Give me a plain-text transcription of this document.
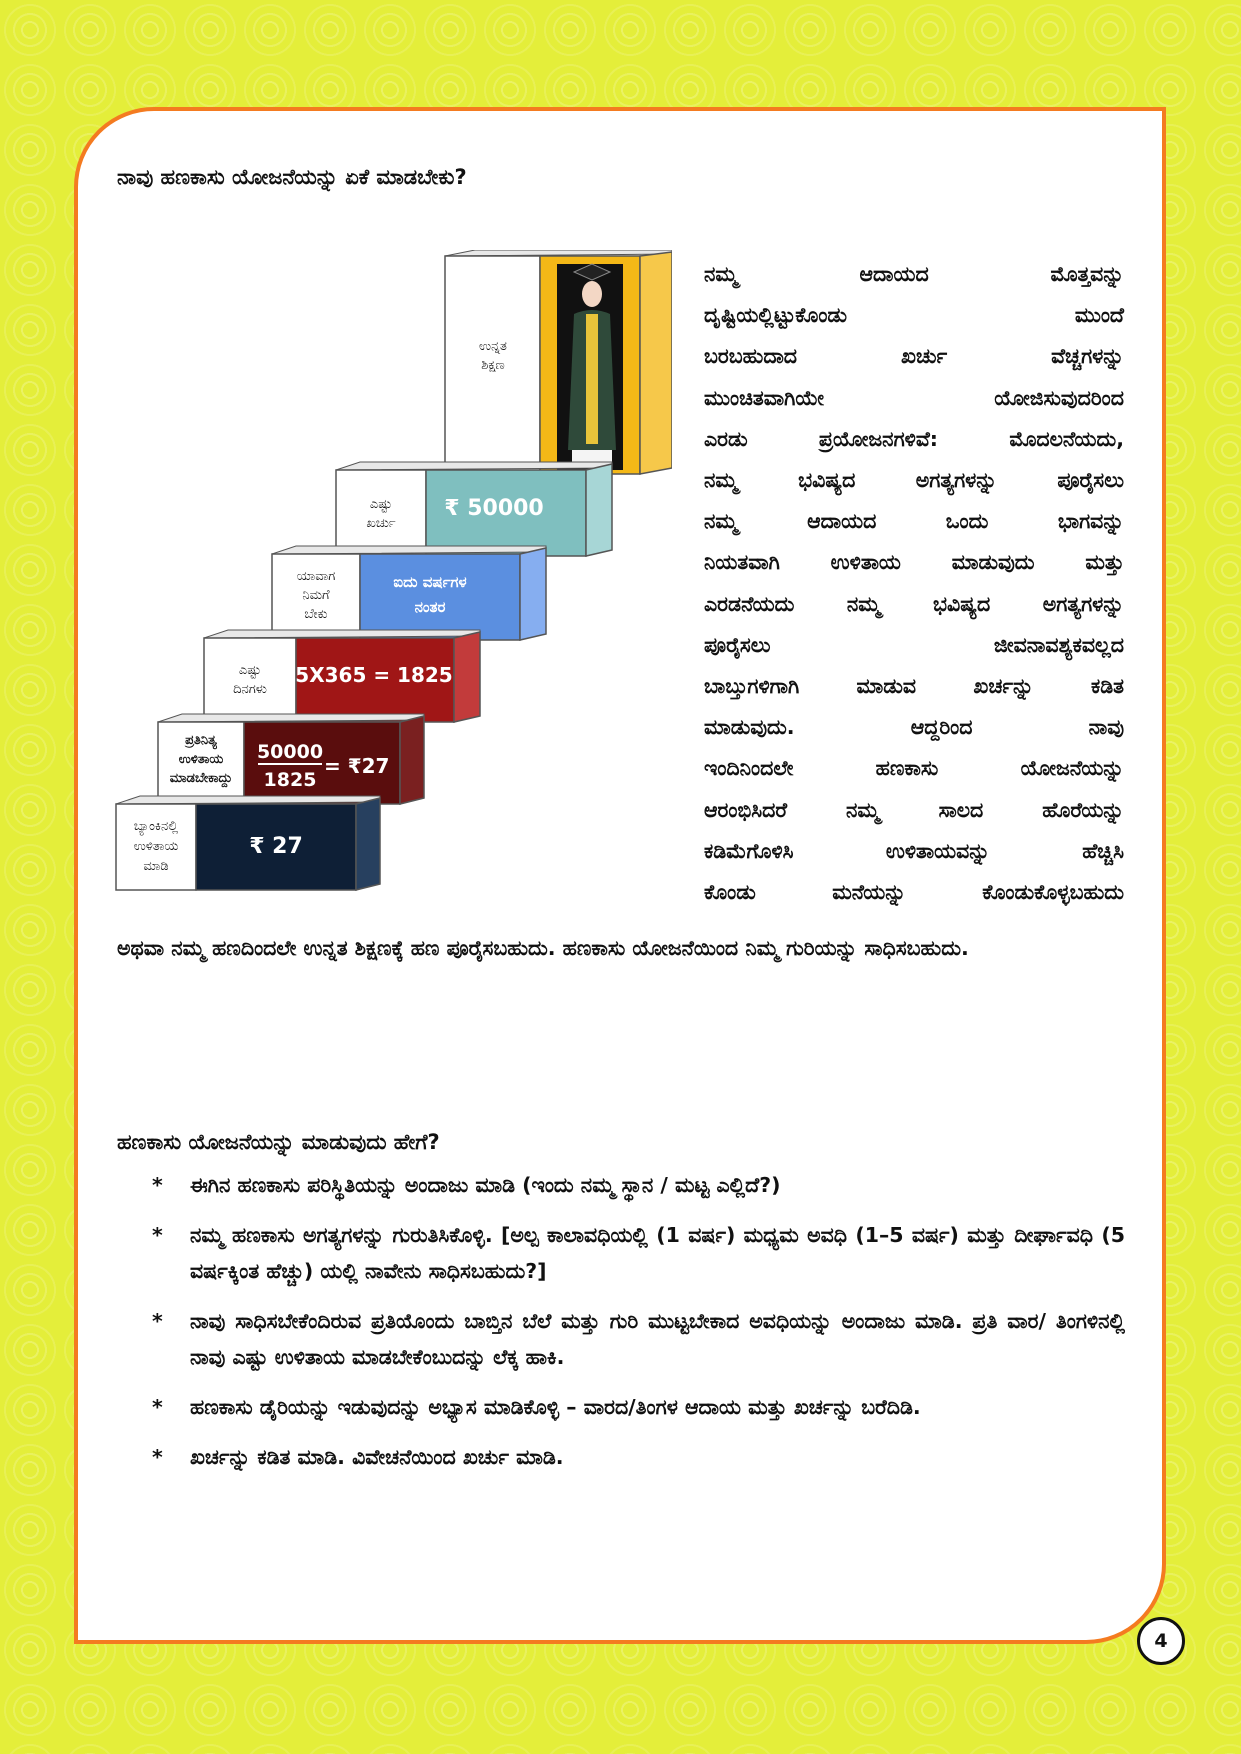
ನಾವು ಹಣಕಾಸು ಯೋಜನೆಯನ್ನು ಏಕೆ ಮಾಡಬೇಕು?
ಉನ್ನತ
ಶಿಕ್ಷಣ
ಎಷ್ಟು
ಖರ್ಚು
₹ 50000
ಯಾವಾಗ
ನಿಮಗೆ
ಬೇಕು
ಐದು ವರ್ಷಗಳ
ನಂತರ
ಎಷ್ಟು
ದಿನಗಳು
5X365 = 1825
ಪ್ರತಿನಿತ್ಯ
ಉಳಿತಾಯ
ಮಾಡಬೇಕಾದ್ದು
50000
1825
= ₹27
ಬ್ಯಾಂಕಿನಲ್ಲಿ
ಉಳಿತಾಯ
ಮಾಡಿ
₹ 27
ನಮ್ಮ ಆದಾಯದ ಮೊತ್ತವನ್ನು
ದೃಷ್ಟಿಯಲ್ಲಿಟ್ಟುಕೊಂಡು ಮುಂದೆ
ಬರಬಹುದಾದ ಖರ್ಚು ವೆಚ್ಚಗಳನ್ನು
ಮುಂಚಿತವಾಗಿಯೇ ಯೋಜಿಸುವುದರಿಂದ
ಎರಡು ಪ್ರಯೋಜನಗಳಿವೆ: ಮೊದಲನೆಯದು,
ನಮ್ಮ ಭವಿಷ್ಯದ ಅಗತ್ಯಗಳನ್ನು ಪೂರೈಸಲು
ನಮ್ಮ ಆದಾಯದ ಒಂದು ಭಾಗವನ್ನು
ನಿಯತವಾಗಿ ಉಳಿತಾಯ ಮಾಡುವುದು ಮತ್ತು
ಎರಡನೆಯದು ನಮ್ಮ ಭವಿಷ್ಯದ ಅಗತ್ಯಗಳನ್ನು
ಪೂರೈಸಲು ಜೀವನಾವಶ್ಯಕವಲ್ಲದ
ಬಾಬ್ತುಗಳಿಗಾಗಿ ಮಾಡುವ ಖರ್ಚನ್ನು ಕಡಿತ
ಮಾಡುವುದು. ಆದ್ದರಿಂದ ನಾವು
ಇಂದಿನಿಂದಲೇ ಹಣಕಾಸು ಯೋಜನೆಯನ್ನು
ಆರಂಭಿಸಿದರೆ ನಮ್ಮ ಸಾಲದ ಹೊರೆಯನ್ನು
ಕಡಿಮೆಗೊಳಿಸಿ ಉಳಿತಾಯವನ್ನು ಹೆಚ್ಚಿಸಿ
ಕೊಂಡು ಮನೆಯನ್ನು ಕೊಂಡುಕೊಳ್ಳಬಹುದು
ಅಥವಾ ನಮ್ಮ ಹಣದಿಂದಲೇ ಉನ್ನತ ಶಿಕ್ಷಣಕ್ಕೆ ಹಣ ಪೂರೈಸಬಹುದು. ಹಣಕಾಸು ಯೋಜನೆಯಿಂದ ನಿಮ್ಮ ಗುರಿಯನ್ನು ಸಾಧಿಸಬಹುದು.
ಹಣಕಾಸು ಯೋಜನೆಯನ್ನು ಮಾಡುವುದು ಹೇಗೆ?
* ಈಗಿನ ಹಣಕಾಸು ಪರಿಸ್ಥಿತಿಯನ್ನು ಅಂದಾಜು ಮಾಡಿ (ಇಂದು ನಮ್ಮ ಸ್ಥಾನ / ಮಟ್ಟ ಎಲ್ಲಿದೆ?)
* ನಮ್ಮ ಹಣಕಾಸು ಅಗತ್ಯಗಳನ್ನು ಗುರುತಿಸಿಕೊಳ್ಳಿ. [ಅಲ್ಪ ಕಾಲಾವಧಿಯಲ್ಲಿ (1 ವರ್ಷ) ಮಧ್ಯಮ ಅವಧಿ (1–5 ವರ್ಷ) ಮತ್ತು ದೀರ್ಘಾವಧಿ (5 ವರ್ಷಕ್ಕಿಂತ ಹೆಚ್ಚು) ಯಲ್ಲಿ ನಾವೇನು ಸಾಧಿಸಬಹುದು?]
* ನಾವು ಸಾಧಿಸಬೇಕೆಂದಿರುವ ಪ್ರತಿಯೊಂದು ಬಾಬ್ತಿನ ಬೆಲೆ ಮತ್ತು ಗುರಿ ಮುಟ್ಟಬೇಕಾದ ಅವಧಿಯನ್ನು ಅಂದಾಜು ಮಾಡಿ. ಪ್ರತಿ ವಾರ/ ತಿಂಗಳಿನಲ್ಲಿ ನಾವು ಎಷ್ಟು ಉಳಿತಾಯ ಮಾಡಬೇಕೆಂಬುದನ್ನು ಲೆಕ್ಕ ಹಾಕಿ.
* ಹಣಕಾಸು ಡೈರಿಯನ್ನು ಇಡುವುದನ್ನು ಅಭ್ಯಾಸ ಮಾಡಿಕೊಳ್ಳಿ – ವಾರದ/ತಿಂಗಳ ಆದಾಯ ಮತ್ತು ಖರ್ಚನ್ನು ಬರೆದಿಡಿ.
* ಖರ್ಚನ್ನು ಕಡಿತ ಮಾಡಿ. ವಿವೇಚನೆಯಿಂದ ಖರ್ಚು ಮಾಡಿ.
4
